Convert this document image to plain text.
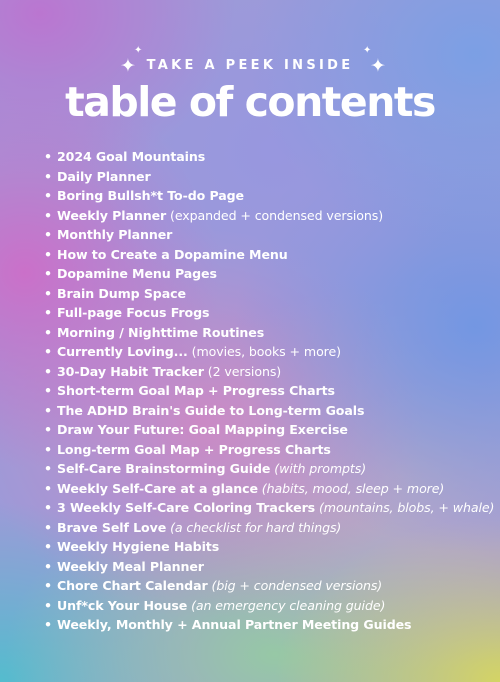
✦
✦
✦
✦
TAKE A PEEK INSIDE
table of contents
• 2024 Goal Mountains
• Daily Planner
• Boring Bullsh*t To-do Page
• Weekly Planner (expanded + condensed versions)
• Monthly Planner
• How to Create a Dopamine Menu
• Dopamine Menu Pages
• Brain Dump Space
• Full-page Focus Frogs
• Morning / Nighttime Routines
• Currently Loving... (movies, books + more)
• 30-Day Habit Tracker (2 versions)
• Short-term Goal Map + Progress Charts
• The ADHD Brain's Guide to Long-term Goals
• Draw Your Future: Goal Mapping Exercise
• Long-term Goal Map + Progress Charts
• Self-Care Brainstorming Guide (with prompts)
• Weekly Self-Care at a glance (habits, mood, sleep + more)
• 3 Weekly Self-Care Coloring Trackers (mountains, blobs, + whale)
• Brave Self Love (a checklist for hard things)
• Weekly Hygiene Habits
• Weekly Meal Planner
• Chore Chart Calendar (big + condensed versions)
• Unf*ck Your House (an emergency cleaning guide)
• Weekly, Monthly + Annual Partner Meeting Guides
